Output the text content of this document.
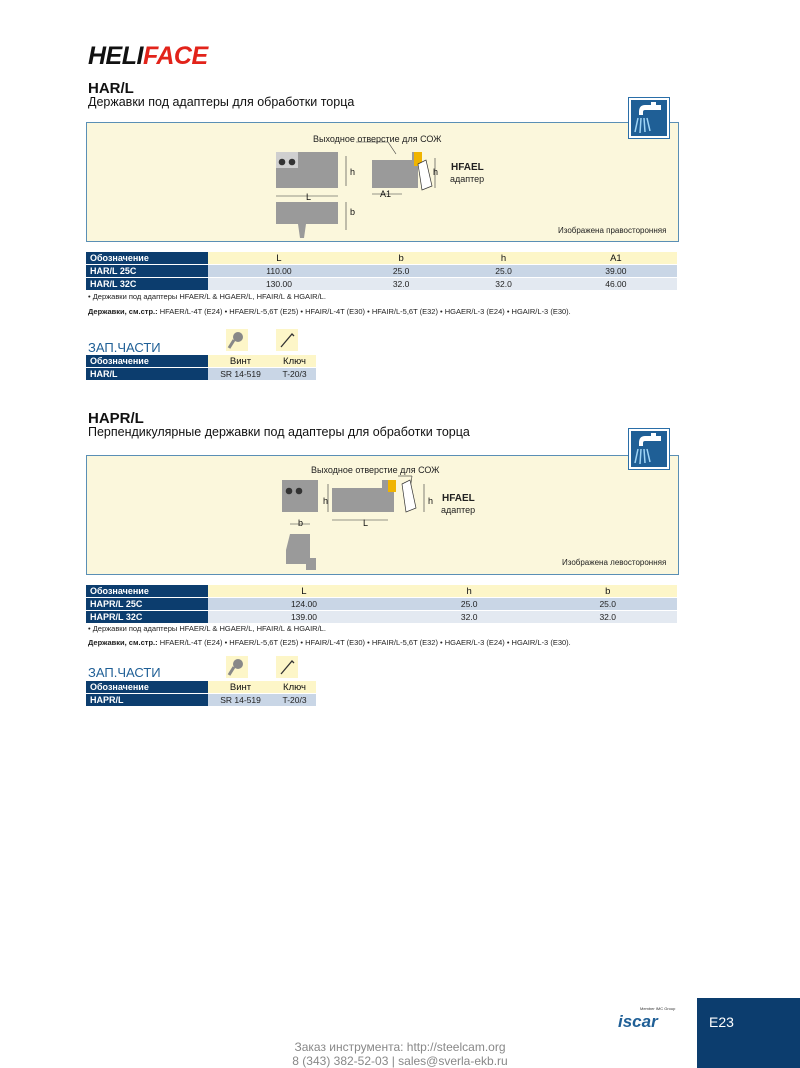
HELIFACE
HAR/L
Державки под адаптеры для обработки торца
Выходное отверстие для СОЖ
h	h
L
b
A1
HFAEL
адаптер
Изображена правосторонняя
Обозначение	L	b	h	A1
HAR/L 25C	110.00	25.0	25.0	39.00
HAR/L 32C	130.00	32.0	32.0	46.00
• Державки под адаптеры HFAER/L & HGAER/L, HFAIR/L & HGAIR/L.
Державки, см.стр.: HFAER/L-4T (E24) • HFAER/L-5,6T (E25) • HFAIR/L-4T (E30) • HFAIR/L-5,6T (E32) • HGAER/L-3 (E24) • HGAIR/L-3 (E30).
ЗАП.ЧАСТИ
Обозначение	Винт	Ключ
HAR/L	SR 14-519	T-20/3
HAPR/L
Перпендикулярные державки под адаптеры для обработки торца
Выходное отверстие для СОЖ
h	h
L
b
HFAEL
адаптер
Изображена левосторонняя
Обозначение	L	h	b
HAPR/L 25C	124.00	25.0	25.0
HAPR/L 32C	139.00	32.0	32.0
• Державки под адаптеры HFAER/L & HGAER/L, HFAIR/L & HGAIR/L.
Державки, см.стр.: HFAER/L-4T (E24) • HFAER/L-5,6T (E25) • HFAIR/L-4T (E30) • HFAIR/L-5,6T (E32) • HGAER/L-3 (E24) • HGAIR/L-3 (E30).
ЗАП.ЧАСТИ
Обозначение	Винт	Ключ
HAPR/L	SR 14-519	T-20/3
Member IMC Group
iscar	E23
Заказ инструмента: http://steelcam.org
8 (343) 382-52-03 | sales@sverla-ekb.ru
